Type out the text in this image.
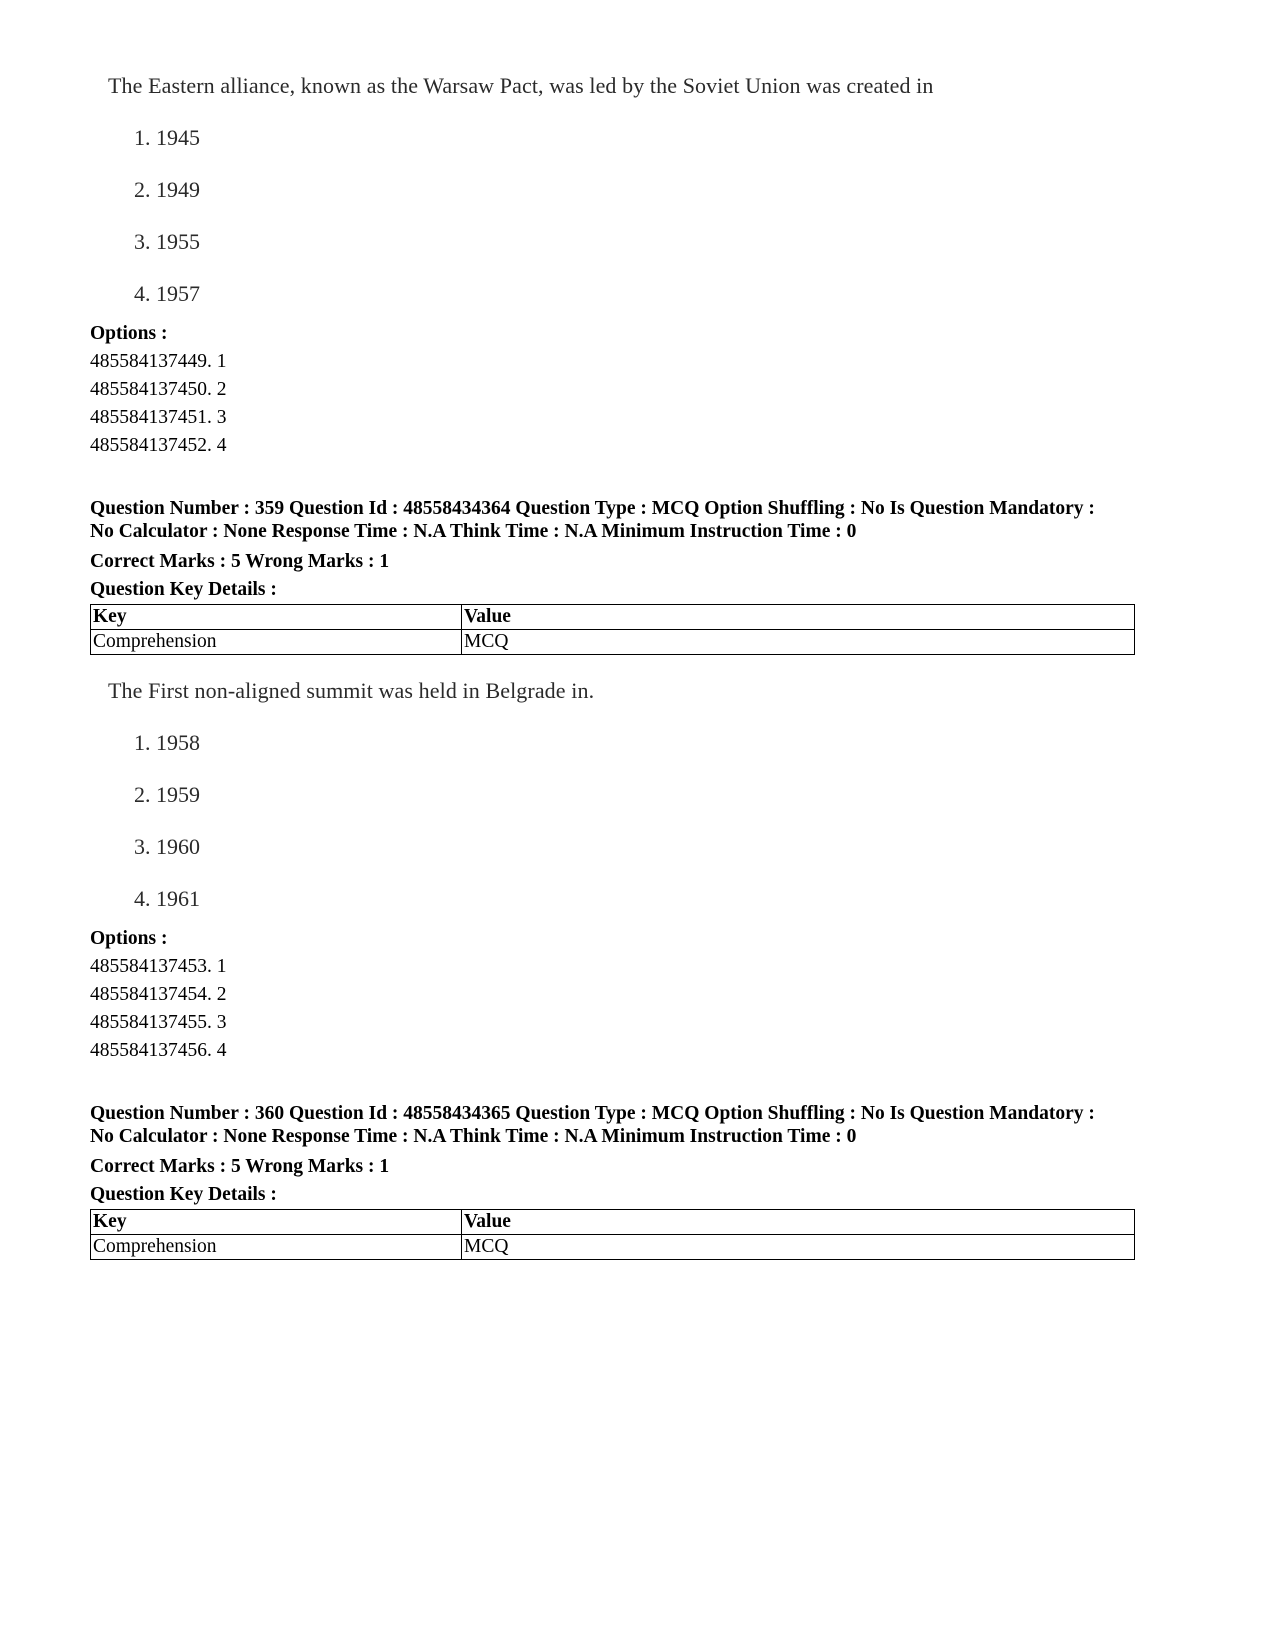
The Eastern alliance, known as the Warsaw Pact, was led by the Soviet Union was created in
1. 1945
2. 1949
3. 1955
4. 1957
Options :
485584137449. 1
485584137450. 2
485584137451. 3
485584137452. 4
Question Number : 359 Question Id : 48558434364 Question Type : MCQ Option Shuffling : No Is Question Mandatory :
No Calculator : None Response Time : N.A Think Time : N.A Minimum Instruction Time : 0
Correct Marks : 5 Wrong Marks : 1
Question Key Details :
Key	Value
Comprehension	MCQ
The First non-aligned summit was held in Belgrade in.
1. 1958
2. 1959
3. 1960
4. 1961
Options :
485584137453. 1
485584137454. 2
485584137455. 3
485584137456. 4
Question Number : 360 Question Id : 48558434365 Question Type : MCQ Option Shuffling : No Is Question Mandatory :
No Calculator : None Response Time : N.A Think Time : N.A Minimum Instruction Time : 0
Correct Marks : 5 Wrong Marks : 1
Question Key Details :
Key	Value
Comprehension	MCQ
